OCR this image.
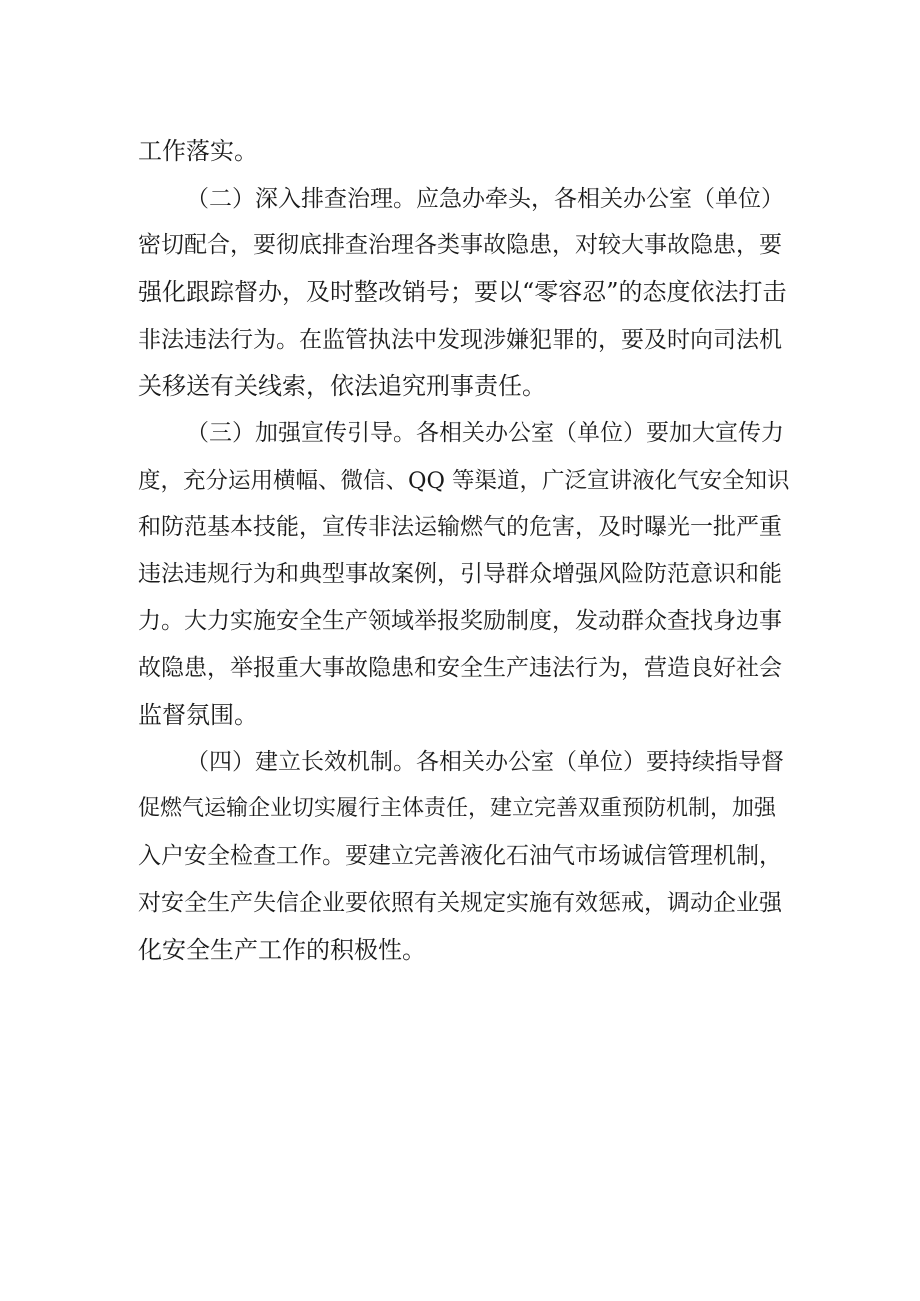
工作落实。

（二）深入排查治理。应急办牵头，各相关办公室（单位）

密切配合，要彻底排查治理各类事故隐患，对较大事故隐患，要

强化跟踪督办，及时整改销号；要以“零容忍”的态度依法打击

非法违法行为。在监管执法中发现涉嫌犯罪的，要及时向司法机

关移送有关线索，依法追究刑事责任。

（三）加强宣传引导。各相关办公室（单位）要加大宣传力

度，充分运用横幅、微信、QQ 等渠道，广泛宣讲液化气安全知识

和防范基本技能，宣传非法运输燃气的危害，及时曝光一批严重

违法违规行为和典型事故案例，引导群众增强风险防范意识和能

力。大力实施安全生产领域举报奖励制度，发动群众查找身边事

故隐患，举报重大事故隐患和安全生产违法行为，营造良好社会

监督氛围。

（四）建立长效机制。各相关办公室（单位）要持续指导督

促燃气运输企业切实履行主体责任，建立完善双重预防机制，加强

入户安全检查工作。要建立完善液化石油气市场诚信管理机制，

对安全生产失信企业要依照有关规定实施有效惩戒，调动企业强

化安全生产工作的积极性。
